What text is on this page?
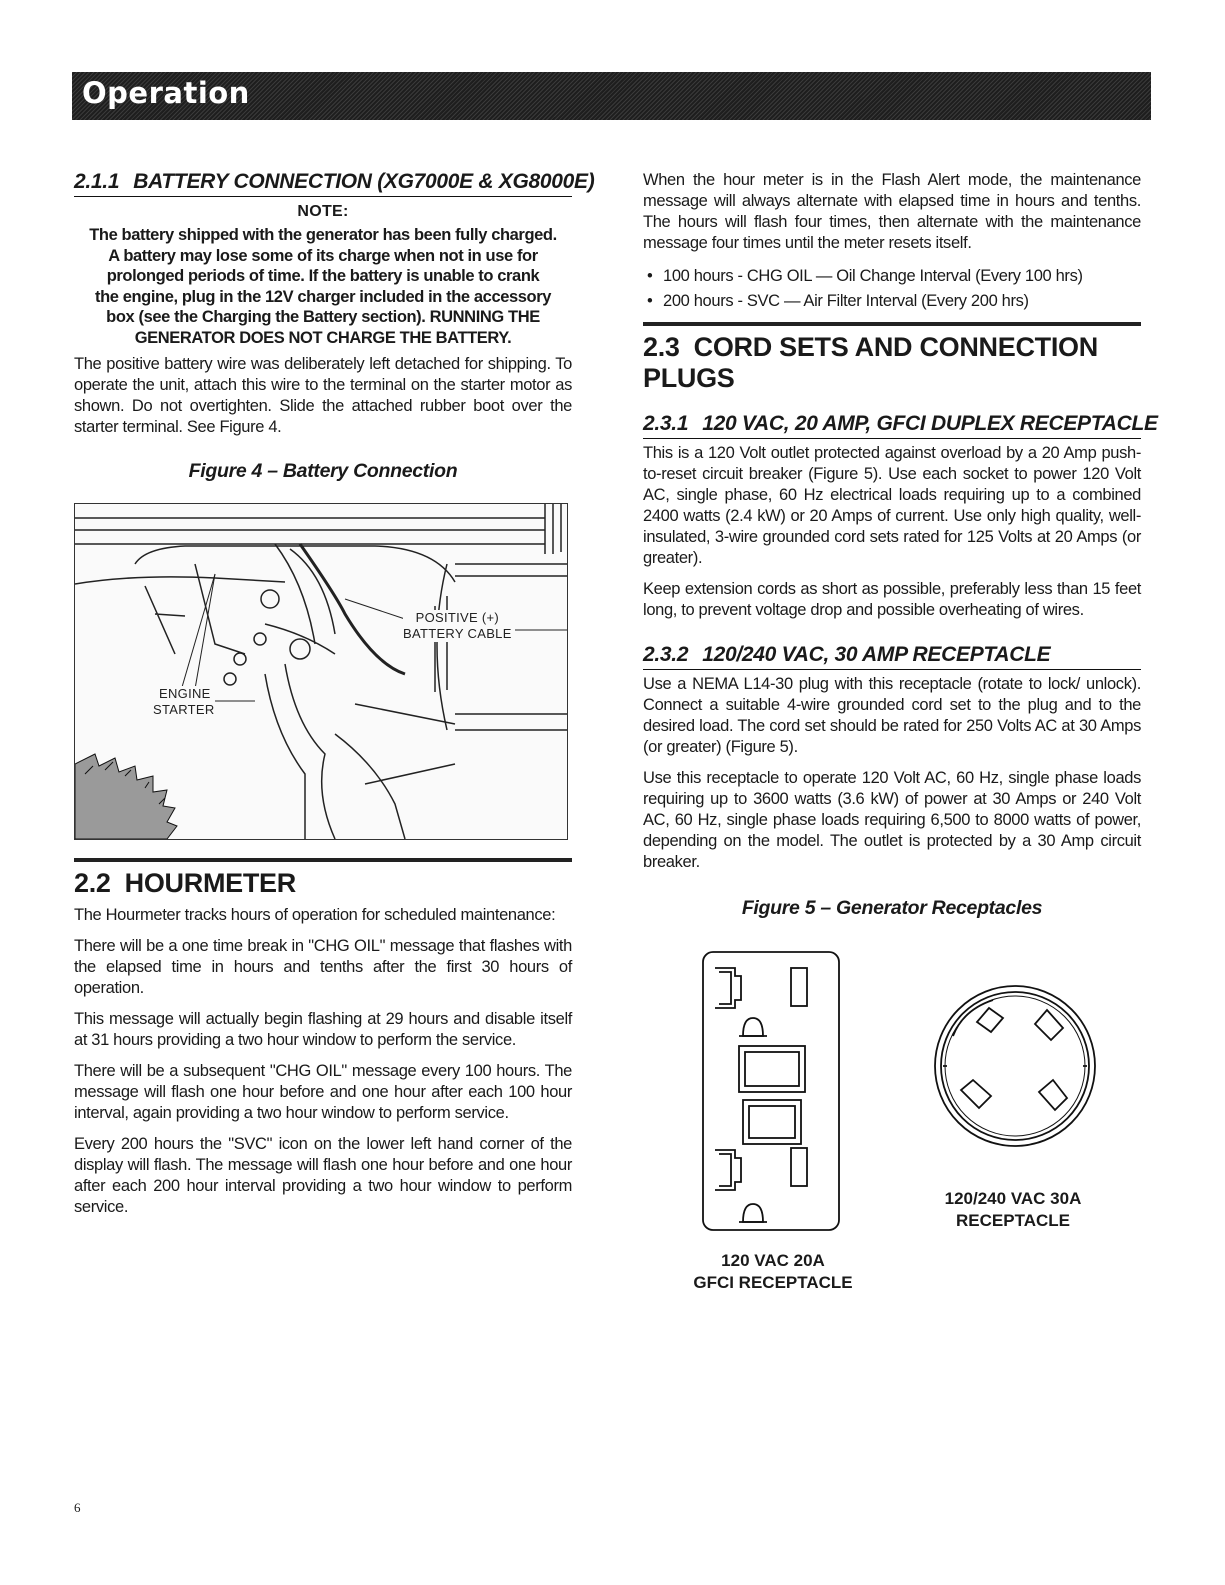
Operation
2.1.1 BATTERY CONNECTION (XG7000E & XG8000E)
NOTE:
The battery shipped with the generator has been fully charged.
A battery may lose some of its charge when not in use for
prolonged periods of time. If the battery is unable to crank
the engine, plug in the 12V charger included in the accessory
box (see the Charging the Battery section). RUNNING THE
GENERATOR DOES NOT CHARGE THE BATTERY.

The positive battery wire was deliberately left detached for shipping. To operate the unit, attach this wire to the terminal on the starter motor as shown. Do not overtighten. Slide the attached rubber boot over the starter terminal. See Figure 4.

Figure 4 – Battery Connection
POSITIVE (+)
BATTERY CABLE
ENGINE
STARTER
2.2 HOURMETER

The Hourmeter tracks hours of operation for scheduled maintenance:

There will be a one time break in "CHG OIL" message that flashes with the elapsed time in hours and tenths after the first 30 hours of operation.

This message will actually begin flashing at 29 hours and disable itself at 31 hours providing a two hour window to perform the service.

There will be a subsequent "CHG OIL" message every 100 hours. The message will flash one hour before and one hour after each 100 hour interval, again providing a two hour window to perform service.

Every 200 hours the "SVC" icon on the lower left hand corner of the display will flash. The message will flash one hour before and one hour after each 200 hour interval providing a two hour window to perform service.

When the hour meter is in the Flash Alert mode, the maintenance message will always alternate with elapsed time in hours and tenths. The hours will flash four times, then alternate with the maintenance message four times until the meter resets itself.

• 100 hours - CHG OIL — Oil Change Interval (Every 100 hrs)
• 200 hours - SVC — Air Filter Interval (Every 200 hrs)
2.3 CORD SETS AND CONNECTION PLUGS
2.3.1 120 VAC, 20 AMP, GFCI DUPLEX RECEPTACLE

This is a 120 Volt outlet protected against overload by a 20 Amp push-to-reset circuit breaker (Figure 5). Use each socket to power 120 Volt AC, single phase, 60 Hz electrical loads requiring up to a combined 2400 watts (2.4 kW) or 20 Amps of current. Use only high quality, well-insulated, 3-wire grounded cord sets rated for 125 Volts at 20 Amps (or greater).

Keep extension cords as short as possible, preferably less than 15 feet long, to prevent voltage drop and possible overheating of wires.

2.3.2 120/240 VAC, 30 AMP RECEPTACLE

Use a NEMA L14-30 plug with this receptacle (rotate to lock/ unlock). Connect a suitable 4-wire grounded cord set to the plug and to the desired load. The cord set should be rated for 250 Volts AC at 30 Amps (or greater) (Figure 5).

Use this receptacle to operate 120 Volt AC, 60 Hz, single phase loads requiring up to 3600 watts (3.6 kW) of power at 30 Amps or 240 Volt AC, 60 Hz, single phase loads requiring 6,500 to 8000 watts of power, depending on the model. The outlet is protected by a 30 Amp circuit breaker.

Figure 5 – Generator Receptacles
120/240 VAC 30A
RECEPTACLE
120 VAC 20A
GFCI RECEPTACLE
6
